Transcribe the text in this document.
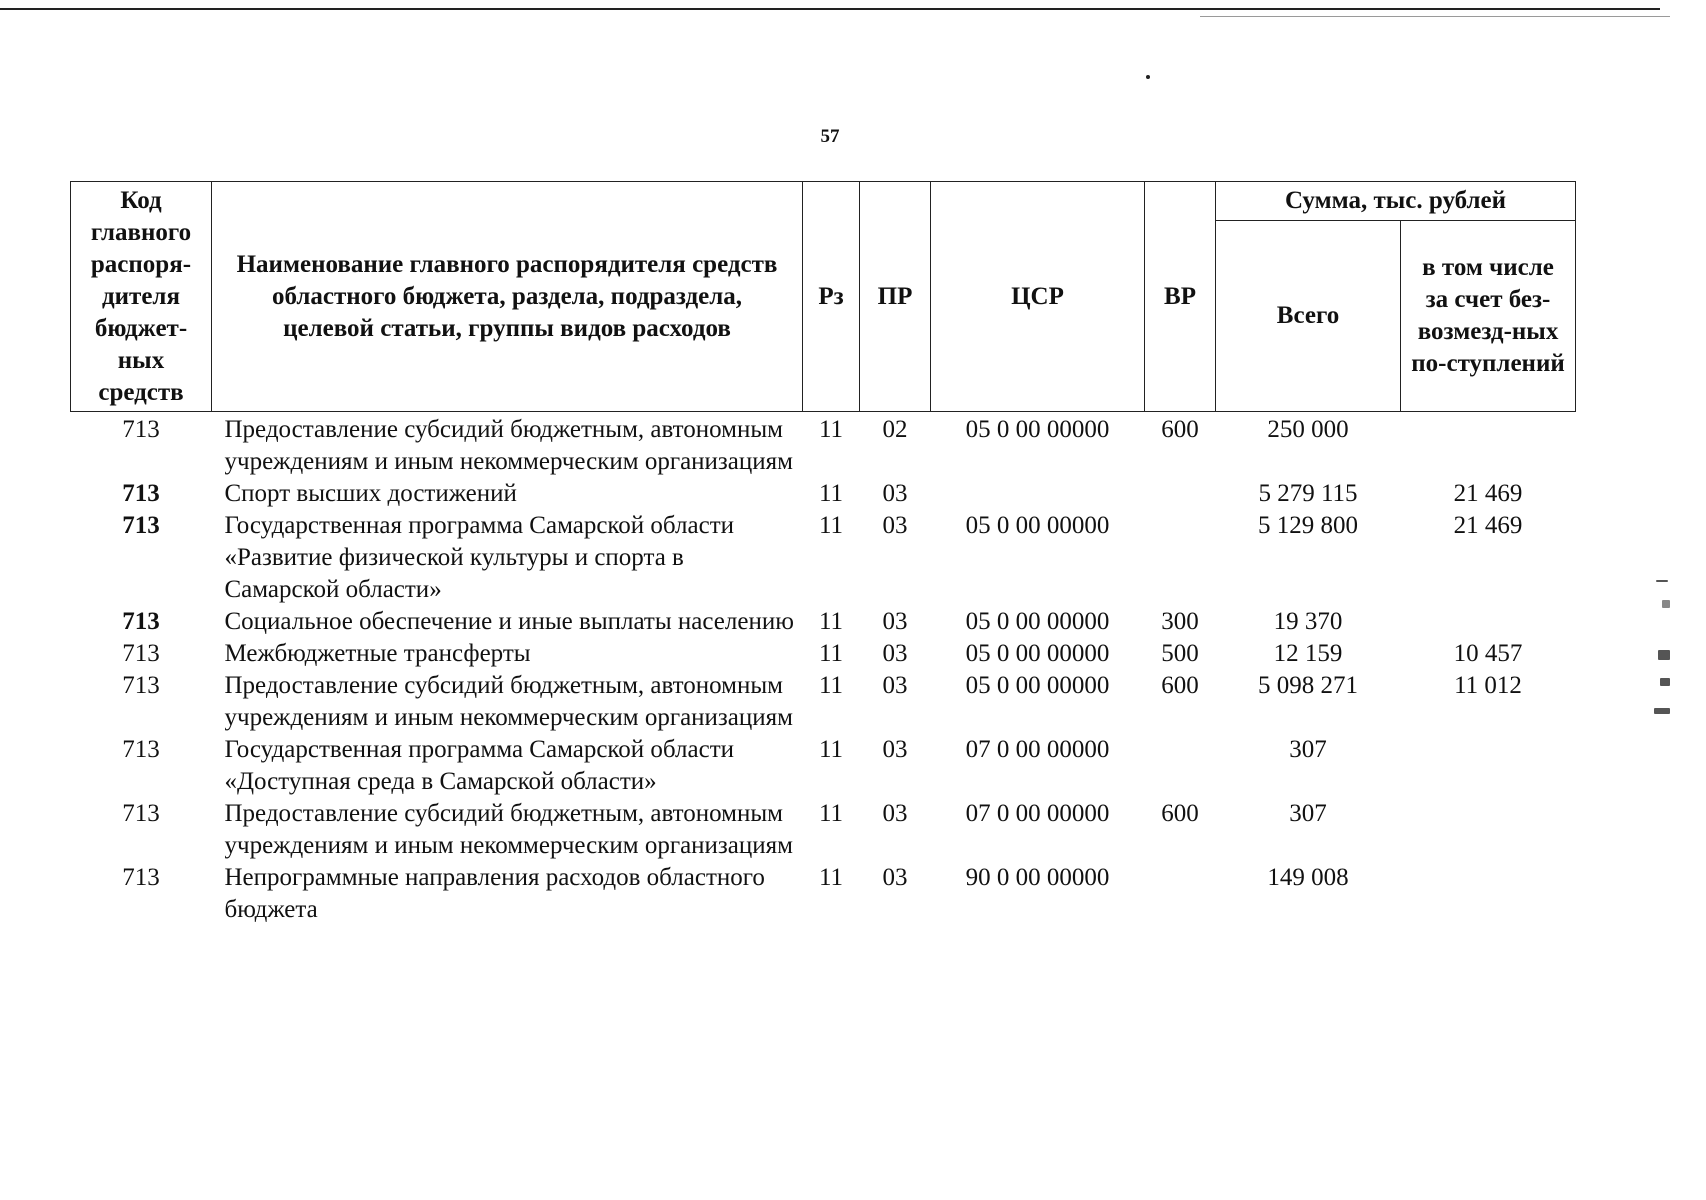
57
Код главного распоря-дителя бюджет-ных средств	Наименование главного распорядителя средств областного бюджета, раздела, подраздела, целевой статьи, группы видов расходов	Рз	ПР	ЦСР	ВР	Сумма, тыс. рублей	
						Всего	в том числе за счет без-возмезд-ных по-ступлений
713	Предоставление субсидий бюджетным, автономным учреждениям и иным некоммерческим организациям	11	02	05 0 00 00000	600	250 000	
713	Спорт высших достижений	11	03			5 279 115	21 469
713	Государственная программа Самарской области «Развитие физической культуры и спорта в Самарской области»	11	03	05 0 00 00000		5 129 800	21 469
713	Социальное обеспечение и иные выплаты населению	11	03	05 0 00 00000	300	19 370	
713	Межбюджетные трансферты	11	03	05 0 00 00000	500	12 159	10 457
713	Предоставление субсидий бюджетным, автономным учреждениям и иным некоммерческим организациям	11	03	05 0 00 00000	600	5 098 271	11 012
713	Государственная программа Самарской области «Доступная среда в Самарской области»	11	03	07 0 00 00000		307	
713	Предоставление субсидий бюджетным, автономным учреждениям и иным некоммерческим организациям	11	03	07 0 00 00000	600	307	
713	Непрограммные направления расходов областного бюджета	11	03	90 0 00 00000		149 008	
